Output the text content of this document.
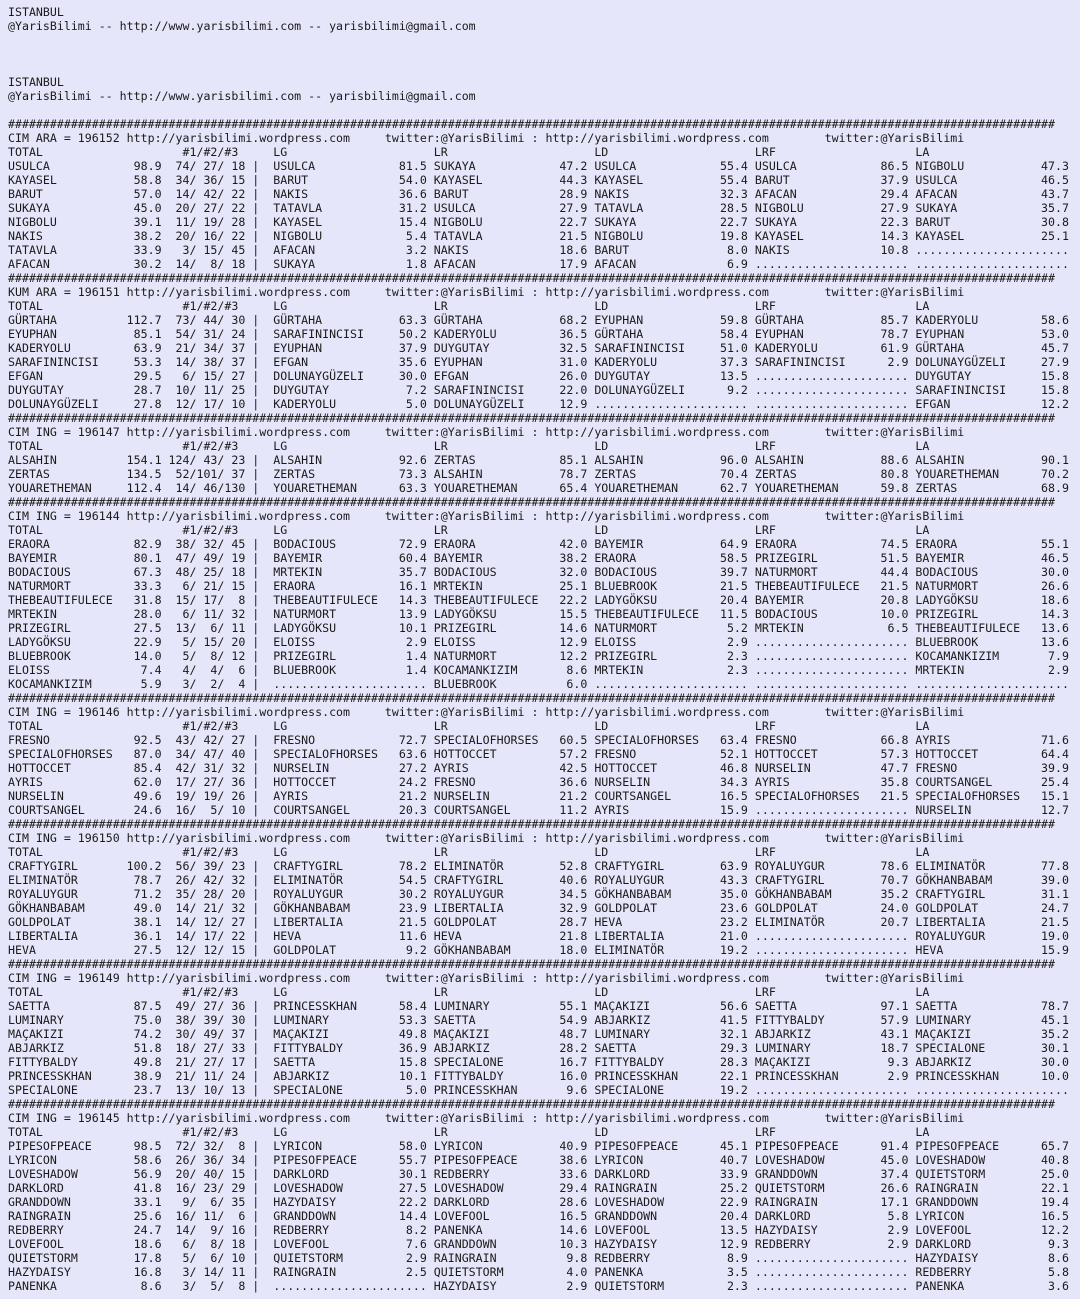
ISTANBUL
@YarisBilimi -- http://www.yarisbilimi.com -- yarisbilimi@gmail.com
ISTANBUL
@YarisBilimi -- http://www.yarisbilimi.com -- yarisbilimi@gmail.com
######################################################################################################################################################
CIM ARA = 196152 http://yarisbilimi.wordpress.com     twitter:@YarisBilimi : http://yarisbilimi.wordpress.com        twitter:@YarisBilimi
TOTAL                    #1/#2/#3     LG                     LR                     LD                     LRF                    LA
USULCA            98.9  74/ 27/ 18 |  USULCA            81.5 SUKAYA            47.2 USULCA            55.4 USULCA            86.5 NIGBOLU           47.3
KAYASEL           58.8  34/ 36/ 15 |  BARUT             54.0 KAYASEL           44.3 KAYASEL           55.4 BARUT             37.9 USULCA            46.5
BARUT             57.0  14/ 42/ 22 |  NAKIS             36.6 BARUT             28.9 NAKIS             32.3 AFACAN            29.4 AFACAN            43.7
SUKAYA            45.0  20/ 27/ 22 |  TATAVLA           31.2 USULCA            27.9 TATAVLA           28.5 NIGBOLU           27.9 SUKAYA            35.7
NIGBOLU           39.1  11/ 19/ 28 |  KAYASEL           15.4 NIGBOLU           22.7 SUKAYA            22.7 SUKAYA            22.3 BARUT             30.8
NAKIS             38.2  20/ 16/ 22 |  NIGBOLU            5.4 TATAVLA           21.5 NIGBOLU           19.8 KAYASEL           14.3 KAYASEL           25.1
TATAVLA           33.9   3/ 15/ 45 |  AFACAN             3.2 NAKIS             18.6 BARUT              8.0 NAKIS             10.8 ......................
AFACAN            30.2  14/  8/ 18 |  SUKAYA             1.8 AFACAN            17.9 AFACAN             6.9 ...................... ......................
######################################################################################################################################################
KUM ARA = 196151 http://yarisbilimi.wordpress.com     twitter:@YarisBilimi : http://yarisbilimi.wordpress.com        twitter:@YarisBilimi
TOTAL                    #1/#2/#3     LG                     LR                     LD                     LRF                    LA
GÜRTAHA          112.7  73/ 44/ 30 |  GÜRTAHA           63.3 GÜRTAHA           68.2 EYUPHAN           59.8 GÜRTAHA           85.7 KADERYOLU         58.6
EYUPHAN           85.1  54/ 31/ 24 |  SARAFININCISI     50.2 KADERYOLU         36.5 GÜRTAHA           58.4 EYUPHAN           78.7 EYUPHAN           53.0
KADERYOLU         63.9  21/ 34/ 37 |  EYUPHAN           37.9 DUYGUTAY          32.5 SARAFININCISI     51.0 KADERYOLU         61.9 GÜRTAHA           45.7
SARAFININCISI     53.3  14/ 38/ 37 |  EFGAN             35.6 EYUPHAN           31.0 KADERYOLU         37.3 SARAFININCISI      2.9 DOLUNAYGÜZELI     27.9
EFGAN             29.5   6/ 15/ 27 |  DOLUNAYGÜZELI     30.0 EFGAN             26.0 DUYGUTAY          13.5 ...................... DUYGUTAY          15.8
DUYGUTAY          28.7  10/ 11/ 25 |  DUYGUTAY           7.2 SARAFININCISI     22.0 DOLUNAYGÜZELI      9.2 ...................... SARAFININCISI     15.8
DOLUNAYGÜZELI     27.8  12/ 17/ 10 |  KADERYOLU          5.0 DOLUNAYGÜZELI     12.9 ...................... ...................... EFGAN             12.2
######################################################################################################################################################
CIM ING = 196147 http://yarisbilimi.wordpress.com     twitter:@YarisBilimi : http://yarisbilimi.wordpress.com        twitter:@YarisBilimi
TOTAL                    #1/#2/#3     LG                     LR                     LD                     LRF                    LA
ALSAHIN          154.1 124/ 43/ 23 |  ALSAHIN           92.6 ZERTAS            85.1 ALSAHIN           96.0 ALSAHIN           88.6 ALSAHIN           90.1
ZERTAS           134.5  52/101/ 37 |  ZERTAS            73.3 ALSAHIN           78.7 ZERTAS            70.4 ZERTAS            80.8 YOUARETHEMAN      70.2
YOUARETHEMAN     112.4  14/ 46/130 |  YOUARETHEMAN      63.3 YOUARETHEMAN      65.4 YOUARETHEMAN      62.7 YOUARETHEMAN      59.8 ZERTAS            68.9
######################################################################################################################################################
CIM ING = 196144 http://yarisbilimi.wordpress.com     twitter:@YarisBilimi : http://yarisbilimi.wordpress.com        twitter:@YarisBilimi
TOTAL                    #1/#2/#3     LG                     LR                     LD                     LRF                    LA
ERAORA            82.9  38/ 32/ 45 |  BODACIOUS         72.9 ERAORA            42.0 BAYEMIR           64.9 ERAORA            74.5 ERAORA            55.1
BAYEMIR           80.1  47/ 49/ 19 |  BAYEMIR           60.4 BAYEMIR           38.2 ERAORA            58.5 PRIZEGIRL         51.5 BAYEMIR           46.5
BODACIOUS         67.3  48/ 25/ 18 |  MRTEKIN           35.7 BODACIOUS         32.0 BODACIOUS         39.7 NATURMORT         44.4 BODACIOUS         30.0
NATURMORT         33.3   6/ 21/ 15 |  ERAORA            16.1 MRTEKIN           25.1 BLUEBROOK         21.5 THEBEAUTIFULECE   21.5 NATURMORT         26.6
THEBEAUTIFULECE   31.8  15/ 17/  8 |  THEBEAUTIFULECE   14.3 THEBEAUTIFULECE   22.2 LADYGÖKSU         20.4 BAYEMIR           20.8 LADYGÖKSU         18.6
MRTEKIN           28.0   6/ 11/ 32 |  NATURMORT         13.9 LADYGÖKSU         15.5 THEBEAUTIFULECE   11.5 BODACIOUS         10.0 PRIZEGIRL         14.3
PRIZEGIRL         27.5  13/  6/ 11 |  LADYGÖKSU         10.1 PRIZEGIRL         14.6 NATURMORT          5.2 MRTEKIN            6.5 THEBEAUTIFULECE   13.6
LADYGÖKSU         22.9   5/ 15/ 20 |  ELOISS             2.9 ELOISS            12.9 ELOISS             2.9 ...................... BLUEBROOK         13.6
BLUEBROOK         14.0   5/  8/ 12 |  PRIZEGIRL          1.4 NATURMORT         12.2 PRIZEGIRL          2.3 ...................... KOCAMANKIZIM       7.9
ELOISS             7.4   4/  4/  6 |  BLUEBROOK          1.4 KOCAMANKIZIM       8.6 MRTEKIN            2.3 ...................... MRTEKIN            2.9
KOCAMANKIZIM       5.9   3/  2/  4 |  ...................... BLUEBROOK          6.0 ...................... ...................... ......................
######################################################################################################################################################
CIM ING = 196146 http://yarisbilimi.wordpress.com     twitter:@YarisBilimi : http://yarisbilimi.wordpress.com        twitter:@YarisBilimi
TOTAL                    #1/#2/#3     LG                     LR                     LD                     LRF                    LA
FRESNO            92.5  43/ 42/ 27 |  FRESNO            72.7 SPECIALOFHORSES   60.5 SPECIALOFHORSES   63.4 FRESNO            66.8 AYRIS             71.6
SPECIALOFHORSES   87.0  34/ 47/ 40 |  SPECIALOFHORSES   63.6 HOTTOCCET         57.2 FRESNO            52.1 HOTTOCCET         57.3 HOTTOCCET         64.4
HOTTOCCET         85.4  42/ 31/ 32 |  NURSELIN          27.2 AYRIS             42.5 HOTTOCCET         46.8 NURSELIN          47.7 FRESNO            39.9
AYRIS             62.0  17/ 27/ 36 |  HOTTOCCET         24.2 FRESNO            36.6 NURSELIN          34.3 AYRIS             35.8 COURTSANGEL       25.4
NURSELIN          49.6  19/ 19/ 26 |  AYRIS             21.2 NURSELIN          21.2 COURTSANGEL       16.5 SPECIALOFHORSES   21.5 SPECIALOFHORSES   15.1
COURTSANGEL       24.6  16/  5/ 10 |  COURTSANGEL       20.3 COURTSANGEL       11.2 AYRIS             15.9 ...................... NURSELIN          12.7
######################################################################################################################################################
CIM ING = 196150 http://yarisbilimi.wordpress.com     twitter:@YarisBilimi : http://yarisbilimi.wordpress.com        twitter:@YarisBilimi
TOTAL                    #1/#2/#3     LG                     LR                     LD                     LRF                    LA
CRAFTYGIRL       100.2  56/ 39/ 23 |  CRAFTYGIRL        78.2 ELIMINATÖR        52.8 CRAFTYGIRL        63.9 ROYALUYGUR        78.6 ELIMINATÖR        77.8
ELIMINATÖR        78.7  26/ 42/ 32 |  ELIMINATÖR        54.5 CRAFTYGIRL        40.6 ROYALUYGUR        43.3 CRAFTYGIRL        70.7 GÖKHANBABAM       39.0
ROYALUYGUR        71.2  35/ 28/ 20 |  ROYALUYGUR        30.2 ROYALUYGUR        34.5 GÖKHANBABAM       35.0 GÖKHANBABAM       35.2 CRAFTYGIRL        31.1
GÖKHANBABAM       49.0  14/ 21/ 32 |  GÖKHANBABAM       23.9 LIBERTALIA        32.9 GOLDPOLAT         23.6 GOLDPOLAT         24.0 GOLDPOLAT         24.7
GOLDPOLAT         38.1  14/ 12/ 27 |  LIBERTALIA        21.5 GOLDPOLAT         28.7 HEVA              23.2 ELIMINATÖR        20.7 LIBERTALIA        21.5
LIBERTALIA        36.1  14/ 17/ 22 |  HEVA              11.6 HEVA              21.8 LIBERTALIA        21.0 ...................... ROYALUYGUR        19.0
HEVA              27.5  12/ 12/ 15 |  GOLDPOLAT          9.2 GÖKHANBABAM       18.0 ELIMINATÖR        19.2 ...................... HEVA              15.9
######################################################################################################################################################
CIM ING = 196149 http://yarisbilimi.wordpress.com     twitter:@YarisBilimi : http://yarisbilimi.wordpress.com        twitter:@YarisBilimi
TOTAL                    #1/#2/#3     LG                     LR                     LD                     LRF                    LA
SAETTA            87.5  49/ 27/ 36 |  PRINCESSKHAN      58.4 LUMINARY          55.1 MAÇAKIZI          56.6 SAETTA            97.1 SAETTA            78.7
LUMINARY          75.0  38/ 39/ 30 |  LUMINARY          53.3 SAETTA            54.9 ABJARKIZ          41.5 FITTYBALDY        57.9 LUMINARY          45.1
MAÇAKIZI          74.2  30/ 49/ 37 |  MAÇAKIZI          49.8 MAÇAKIZI          48.7 LUMINARY          32.1 ABJARKIZ          43.1 MAÇAKIZI          35.2
ABJARKIZ          51.8  18/ 27/ 33 |  FITTYBALDY        36.9 ABJARKIZ          28.2 SAETTA            29.3 LUMINARY          18.7 SPECIALONE        30.1
FITTYBALDY        49.8  21/ 27/ 17 |  SAETTA            15.8 SPECIALONE        16.7 FITTYBALDY        28.3 MAÇAKIZI           9.3 ABJARKIZ          30.0
PRINCESSKHAN      38.9  21/ 11/ 24 |  ABJARKIZ          10.1 FITTYBALDY        16.0 PRINCESSKHAN      22.1 PRINCESSKHAN       2.9 PRINCESSKHAN      10.0
SPECIALONE        23.7  13/ 10/ 13 |  SPECIALONE         5.0 PRINCESSKHAN       9.6 SPECIALONE        19.2 ...................... ......................
######################################################################################################################################################
CIM ING = 196145 http://yarisbilimi.wordpress.com     twitter:@YarisBilimi : http://yarisbilimi.wordpress.com        twitter:@YarisBilimi
TOTAL                    #1/#2/#3     LG                     LR                     LD                     LRF                    LA
PIPESOFPEACE      98.5  72/ 32/  8 |  LYRICON           58.0 LYRICON           40.9 PIPESOFPEACE      45.1 PIPESOFPEACE      91.4 PIPESOFPEACE      65.7
LYRICON           58.6  26/ 36/ 34 |  PIPESOFPEACE      55.7 PIPESOFPEACE      38.6 LYRICON           40.7 LOVESHADOW        45.0 LOVESHADOW        40.8
LOVESHADOW        56.9  20/ 40/ 15 |  DARKLORD          30.1 REDBERRY          33.6 DARKLORD          33.9 GRANDDOWN         37.4 QUIETSTORM        25.0
DARKLORD          41.8  16/ 23/ 29 |  LOVESHADOW        27.5 LOVESHADOW        29.4 RAINGRAIN         25.2 QUIETSTORM        26.6 RAINGRAIN         22.1
GRANDDOWN         33.1   9/  6/ 35 |  HAZYDAISY         22.2 DARKLORD          28.6 LOVESHADOW        22.9 RAINGRAIN         17.1 GRANDDOWN         19.4
RAINGRAIN         25.6  16/ 11/  6 |  GRANDDOWN         14.4 LOVEFOOL          16.5 GRANDDOWN         20.4 DARKLORD           5.8 LYRICON           16.5
REDBERRY          24.7  14/  9/ 16 |  REDBERRY           8.2 PANENKA           14.6 LOVEFOOL          13.5 HAZYDAISY          2.9 LOVEFOOL          12.2
LOVEFOOL          18.6   6/  8/ 18 |  LOVEFOOL           7.6 GRANDDOWN         10.3 HAZYDAISY         12.9 REDBERRY           2.9 DARKLORD           9.3
QUIETSTORM        17.8   5/  6/ 10 |  QUIETSTORM         2.9 RAINGRAIN          9.8 REDBERRY           8.9 ...................... HAZYDAISY          8.6
HAZYDAISY         16.8   3/ 14/ 11 |  RAINGRAIN          2.5 QUIETSTORM         4.0 PANENKA            3.5 ...................... REDBERRY           5.8
PANENKA            8.6   3/  5/  8 |  ...................... HAZYDAISY          2.9 QUIETSTORM         2.3 ...................... PANENKA            3.6
